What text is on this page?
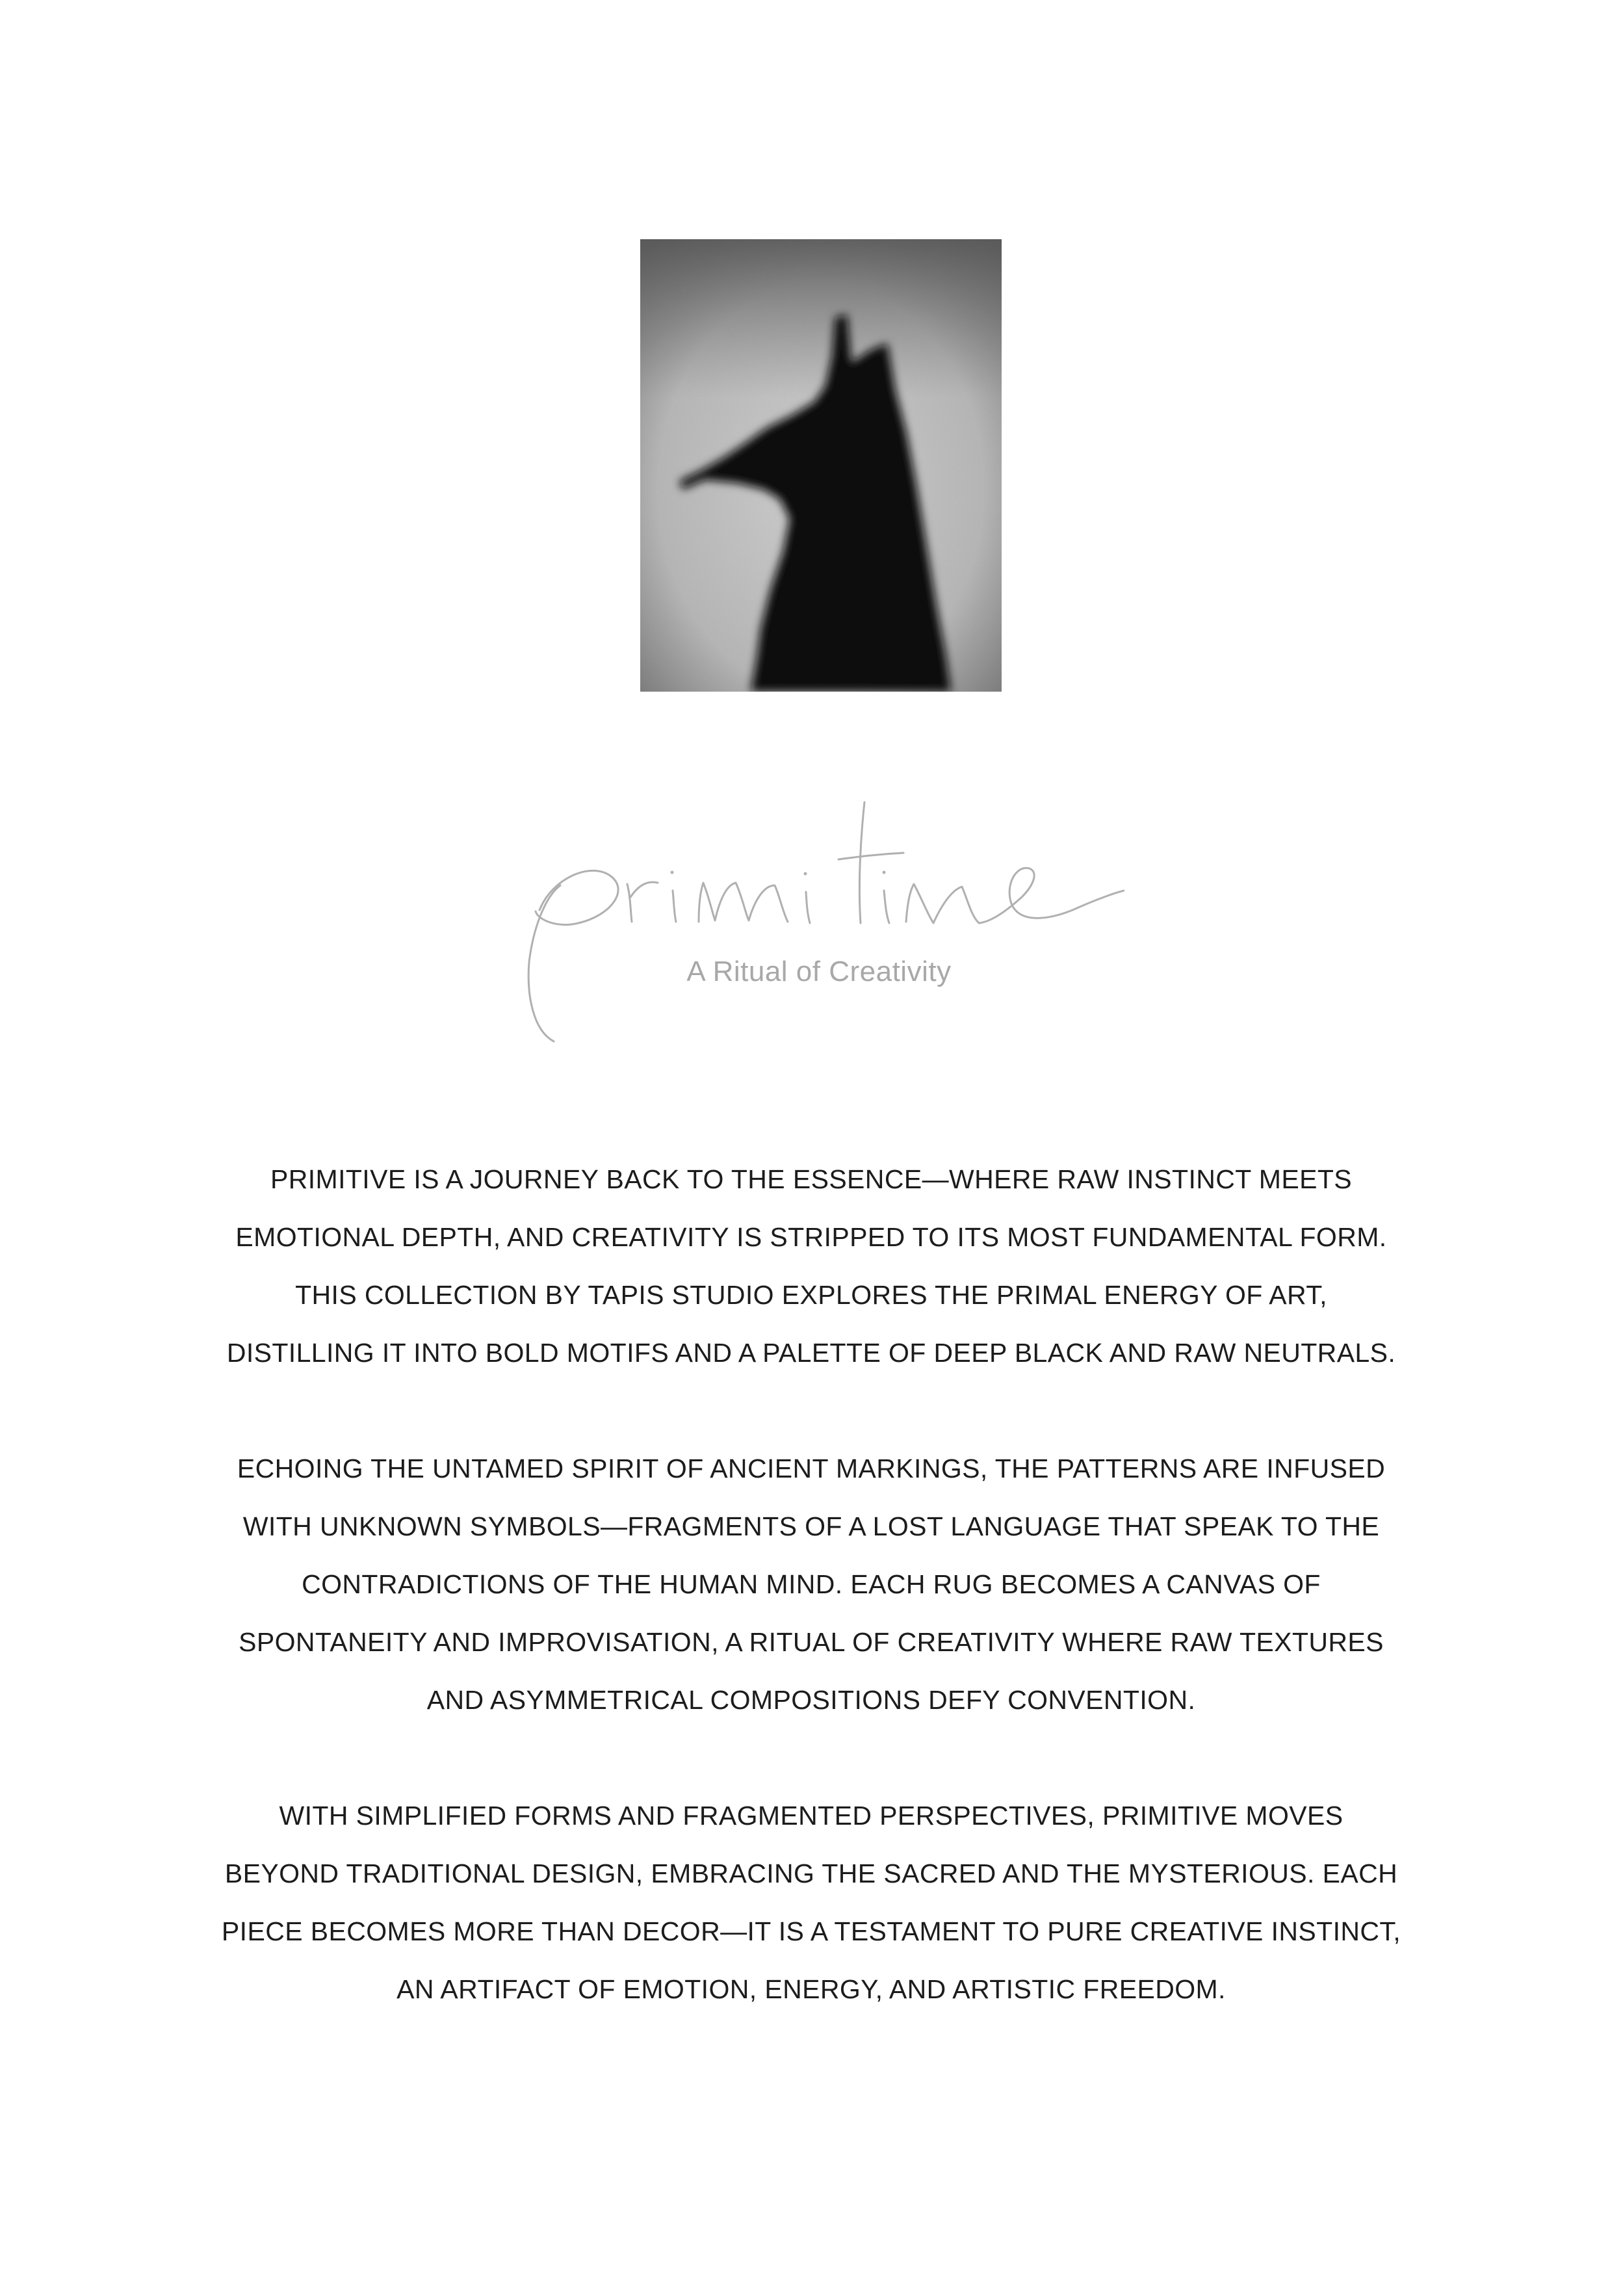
A Ritual of Creativity

PRIMITIVE IS A JOURNEY BACK TO THE ESSENCE—WHERE RAW INSTINCT MEETS
EMOTIONAL DEPTH, AND CREATIVITY IS STRIPPED TO ITS MOST FUNDAMENTAL FORM.
THIS COLLECTION BY TAPIS STUDIO EXPLORES THE PRIMAL ENERGY OF ART,
DISTILLING IT INTO BOLD MOTIFS AND A PALETTE OF DEEP BLACK AND RAW NEUTRALS.

ECHOING THE UNTAMED SPIRIT OF ANCIENT MARKINGS, THE PATTERNS ARE INFUSED
WITH UNKNOWN SYMBOLS—FRAGMENTS OF A LOST LANGUAGE THAT SPEAK TO THE
CONTRADICTIONS OF THE HUMAN MIND. EACH RUG BECOMES A CANVAS OF
SPONTANEITY AND IMPROVISATION, A RITUAL OF CREATIVITY WHERE RAW TEXTURES
AND ASYMMETRICAL COMPOSITIONS DEFY CONVENTION.

WITH SIMPLIFIED FORMS AND FRAGMENTED PERSPECTIVES, PRIMITIVE MOVES
BEYOND TRADITIONAL DESIGN, EMBRACING THE SACRED AND THE MYSTERIOUS. EACH
PIECE BECOMES MORE THAN DECOR—IT IS A TESTAMENT TO PURE CREATIVE INSTINCT,
AN ARTIFACT OF EMOTION, ENERGY, AND ARTISTIC FREEDOM.
